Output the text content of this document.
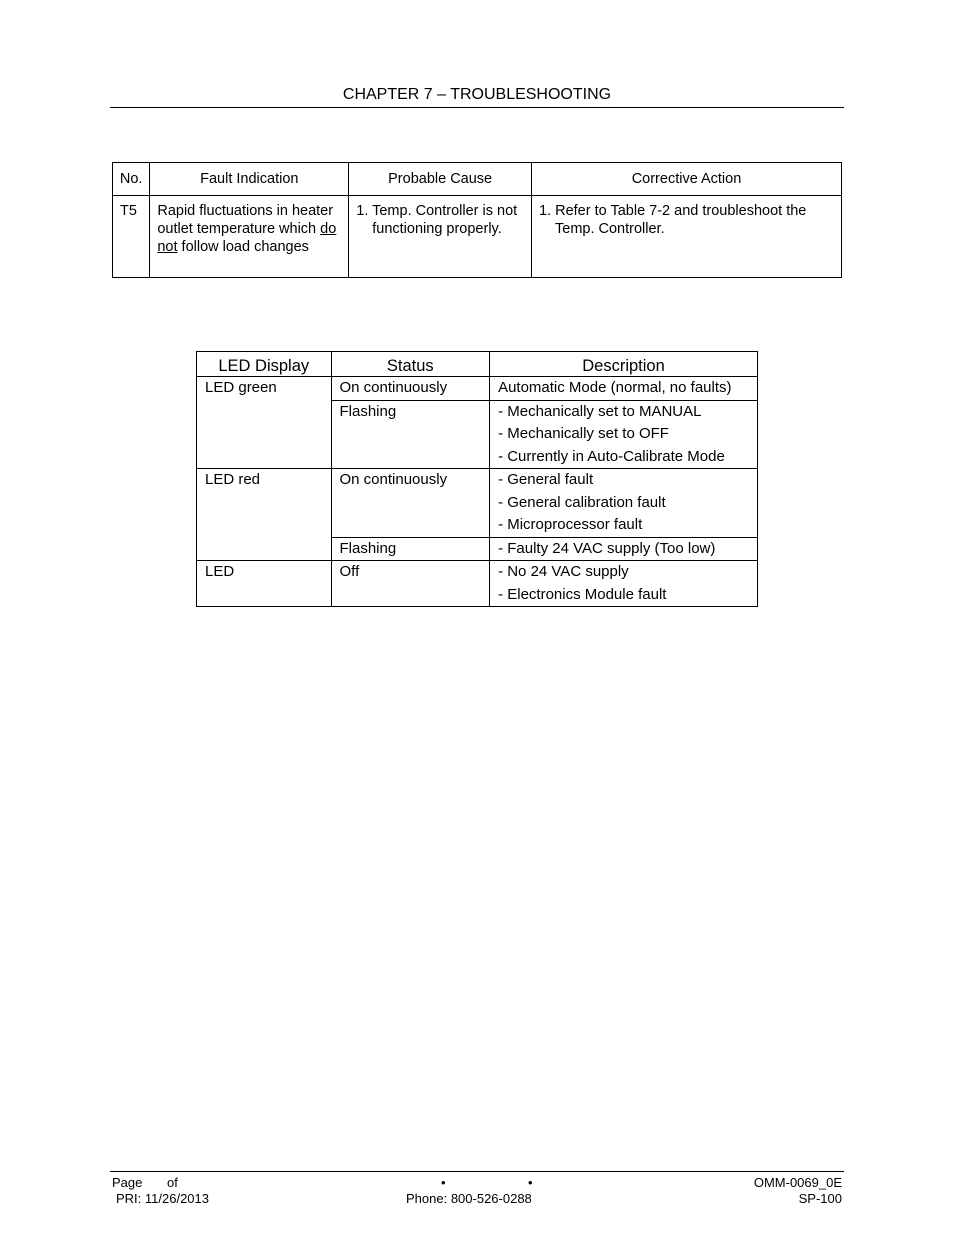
CHAPTER 7 – TROUBLESHOOTING
No.	Fault Indication	Probable Cause	Corrective Action
T5	Rapid fluctuations in heater outlet temperature which do not follow load changes	1. Temp. Controller is not functioning properly.	1. Refer to Table 7-2 and troubleshoot the Temp. Controller.
LED Display	Status	Description
LED green	On continuously	Automatic Mode (normal, no faults)

	Flashing	- Mechanically set to MANUAL
- Mechanically set to OFF
- Currently in Auto-Calibrate Mode

LED red	On continuously	- General fault
- General calibration fault
- Microprocessor fault

	Flashing	- Faulty 24 VAC supply (Too low)

LED	Off	- No 24 VAC supply
- Electronics Module fault
Page of
PRI: 11/26/2013
•	•
Phone: 800-526-0288
OMM-0069_0E
SP-100
